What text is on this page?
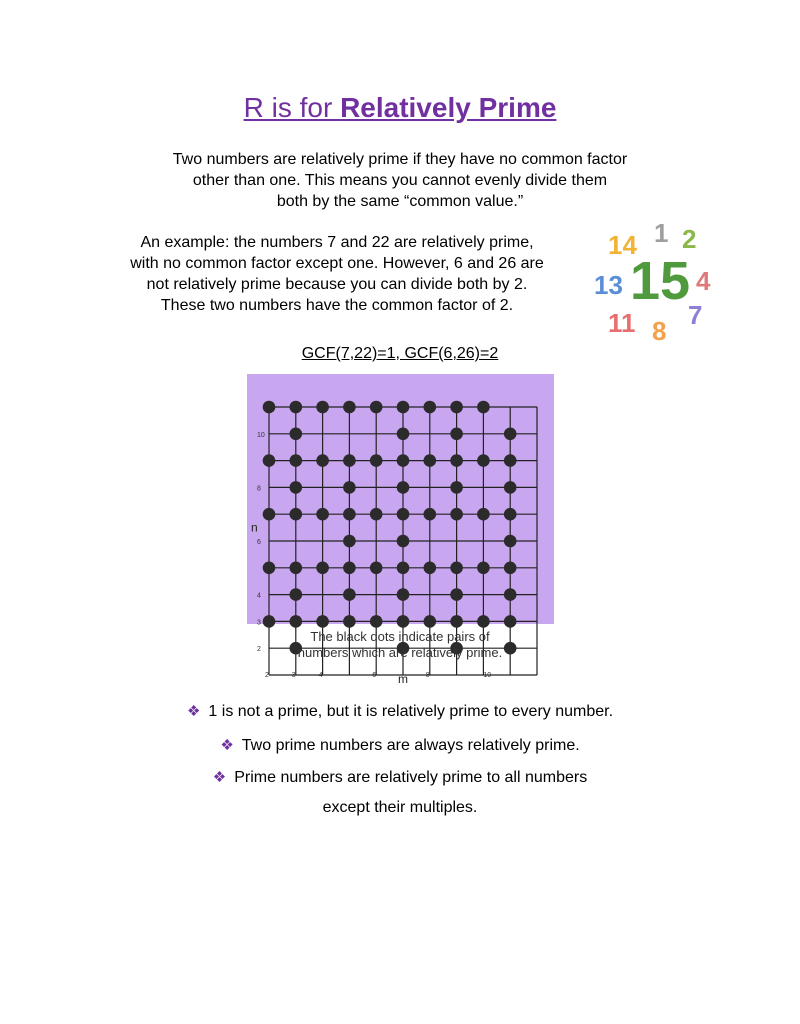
R is for Relatively Prime
Two numbers are relatively prime if they have no common factor
other than one. This means you cannot evenly divide them
both by the same “common value.”
An example: the numbers 7 and 22 are relatively prime,
with no common factor except one. However, 6 and 26 are
not relatively prime because you can divide both by 2.
These two numbers have the common factor of 2.
14 1 2
13 15 4
11 8
7
GCF(7,22)=1, GCF(6,26)=2
10
8
6
4
3
2
2	3	4	6	8	10
n
m
The black dots indicate pairs of
numbers which are relatively prime.
❖ 1 is not a prime, but it is relatively prime to every number.
❖ Two prime numbers are always relatively prime.
❖ Prime numbers are relatively prime to all numbers
except their multiples.
